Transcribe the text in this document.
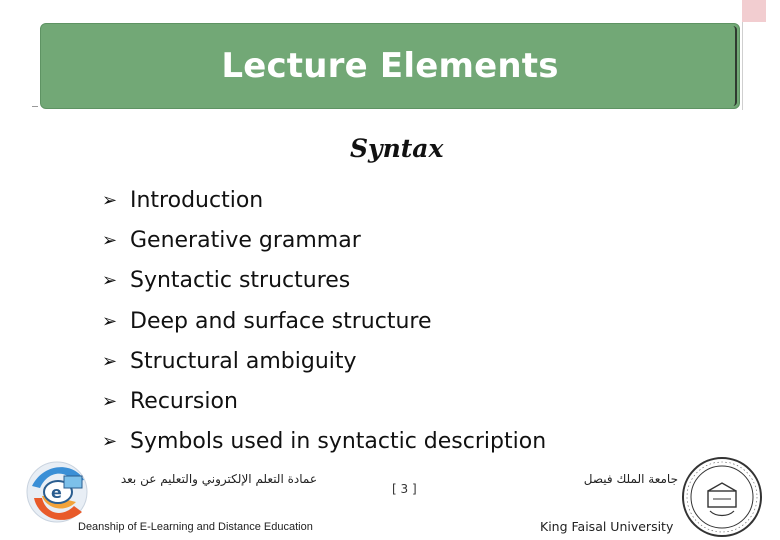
Lecture Elements
Syntax
➢ Introduction
➢ Generative grammar
➢ Syntactic structures
➢ Deep and surface structure
➢ Structural ambiguity
➢ Recursion
➢ Symbols used in syntactic description
e
عمادة التعلم الإلكتروني والتعليم عن بعد
Deanship of E-Learning and Distance Education
[ 3 ]
جامعة الملك فيصل
King Faisal University
